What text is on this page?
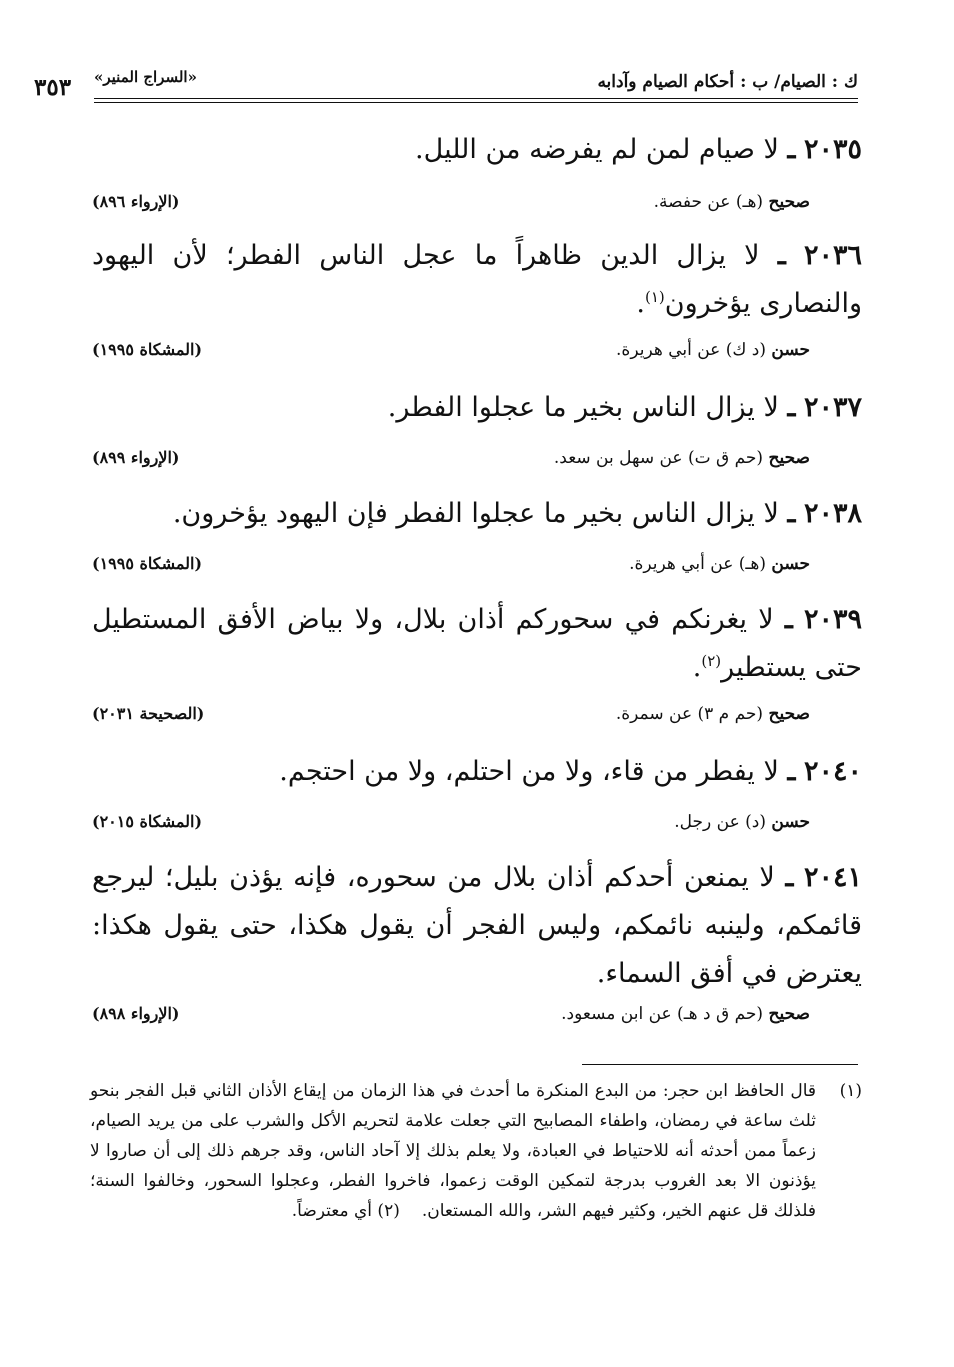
ك : الصيام/ ب : أحكام الصيام وآدابه
«السراج المنير»
٣٥٣
٢٠٣٥ ـ لا صيام لمن لم يفرضه من الليل.
صحيح (هـ) عن حفصة.
(الإرواء ٨٩٦)
٢٠٣٦ ـ لا يزال الدين ظاهراً ما عجل الناس الفطر؛ لأن اليهود والنصارى يؤخرون$^{(١)}$.
حسن (د ك) عن أبي هريرة.
(المشكاة ١٩٩٥)
٢٠٣٧ ـ لا يزال الناس بخير ما عجلوا الفطر.
صحيح (حم ق ت) عن سهل بن سعد.
(الإرواء ٨٩٩)
٢٠٣٨ ـ لا يزال الناس بخير ما عجلوا الفطر فإن اليهود يؤخرون.
حسن (هـ) عن أبي هريرة.
(المشكاة ١٩٩٥)
٢٠٣٩ ـ لا يغرنكم في سحوركم أذان بلال، ولا بياض الأفق المستطيل حتى يستطير$^{(٢)}$.
صحيح (حم م ٣) عن سمرة.
(الصحيحة ٢٠٣١)
٢٠٤٠ ـ لا يفطر من قاء، ولا من احتلم، ولا من احتجم.
حسن (د) عن رجل.
(المشكاة ٢٠١٥)
٢٠٤١ ـ لا يمنعن أحدكم أذان بلال من سحوره، فإنه يؤذن بليل؛ ليرجع قائمكم، ولينبه نائمكم، وليس الفجر أن يقول هكذا، حتى يقول هكذا: يعترض في أفق السماء.
صحيح (حم ق د هـ) عن ابن مسعود.
(الإرواء ٨٩٨)
(١)
قال الحافظ ابن حجر: من البدع المنكرة ما أحدث في هذا الزمان من إيقاع الأذان الثاني قبل الفجر بنحو ثلث ساعة في رمضان، واطفاء المصابيح التي جعلت علامة لتحريم الأكل والشرب على من يريد الصيام، زعماً ممن أحدثه أنه للاحتياط في العبادة، ولا يعلم بذلك إلا آحاد الناس، وقد جرهم ذلك إلى أن صاروا لا يؤذنون الا بعد الغروب بدرجة لتمكين الوقت زعموا، فاخروا الفطر، وعجلوا السحور، وخالفوا السنة؛ فلذلك قل عنهم الخير، وكثير فيهم الشر، والله المستعان.(٢) أي معترضاً.
